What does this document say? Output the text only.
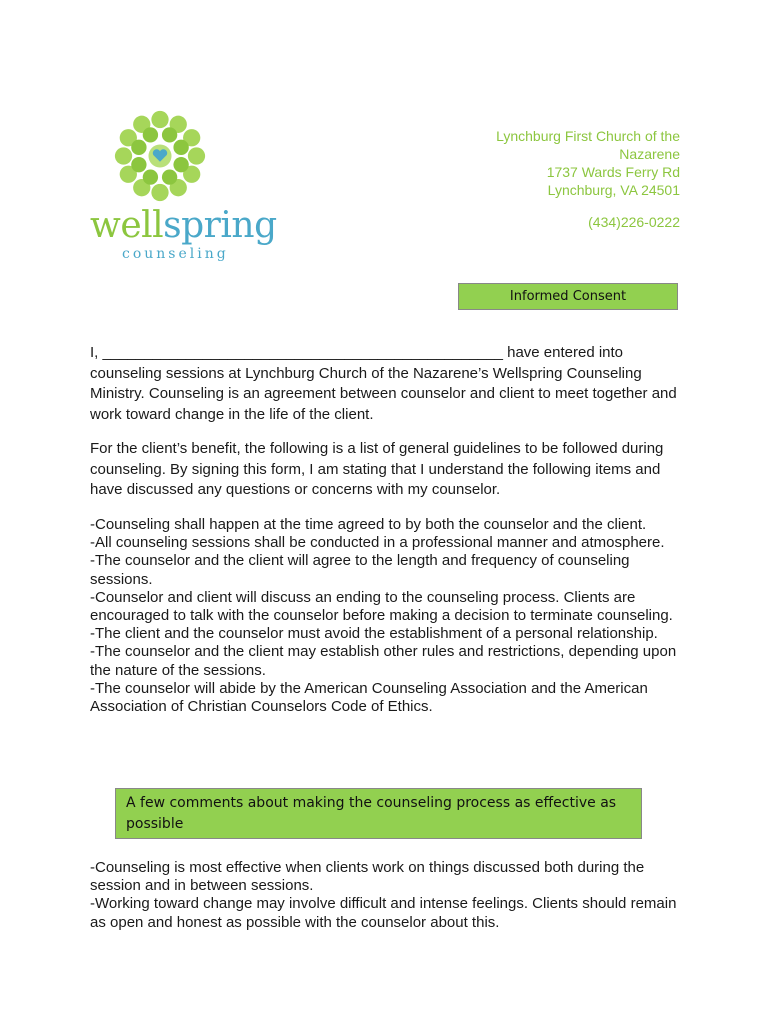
wellspring
counseling
Lynchburg First Church of the
Nazarene
1737 Wards Ferry Rd
Lynchburg, VA 24501
(434)226-0222
Informed Consent

I, ________________________________________________ have entered into counseling sessions at Lynchburg Church of the Nazarene’s Wellspring Counseling Ministry. Counseling is an agreement between counselor and client to meet together and work toward change in the life of the client.

For the client’s benefit, the following is a list of general guidelines to be followed during counseling. By signing this form, I am stating that I understand the following items and have discussed any questions or concerns with my counselor.

-Counseling shall happen at the time agreed to by both the counselor and the client.
-All counseling sessions shall be conducted in a professional manner and atmosphere.
-The counselor and the client will agree to the length and frequency of counseling sessions.
-Counselor and client will discuss an ending to the counseling process. Clients are encouraged to talk with the counselor before making a decision to terminate counseling.
-The client and the counselor must avoid the establishment of a personal relationship.
-The counselor and the client may establish other rules and restrictions, depending upon the nature of the sessions.
-The counselor will abide by the American Counseling Association and the American Association of Christian Counselors Code of Ethics.
A few comments about making the counseling process as effective as possible
-Counseling is most effective when clients work on things discussed both during the session and in between sessions.
-Working toward change may involve difficult and intense feelings. Clients should remain as open and honest as possible with the counselor about this.
